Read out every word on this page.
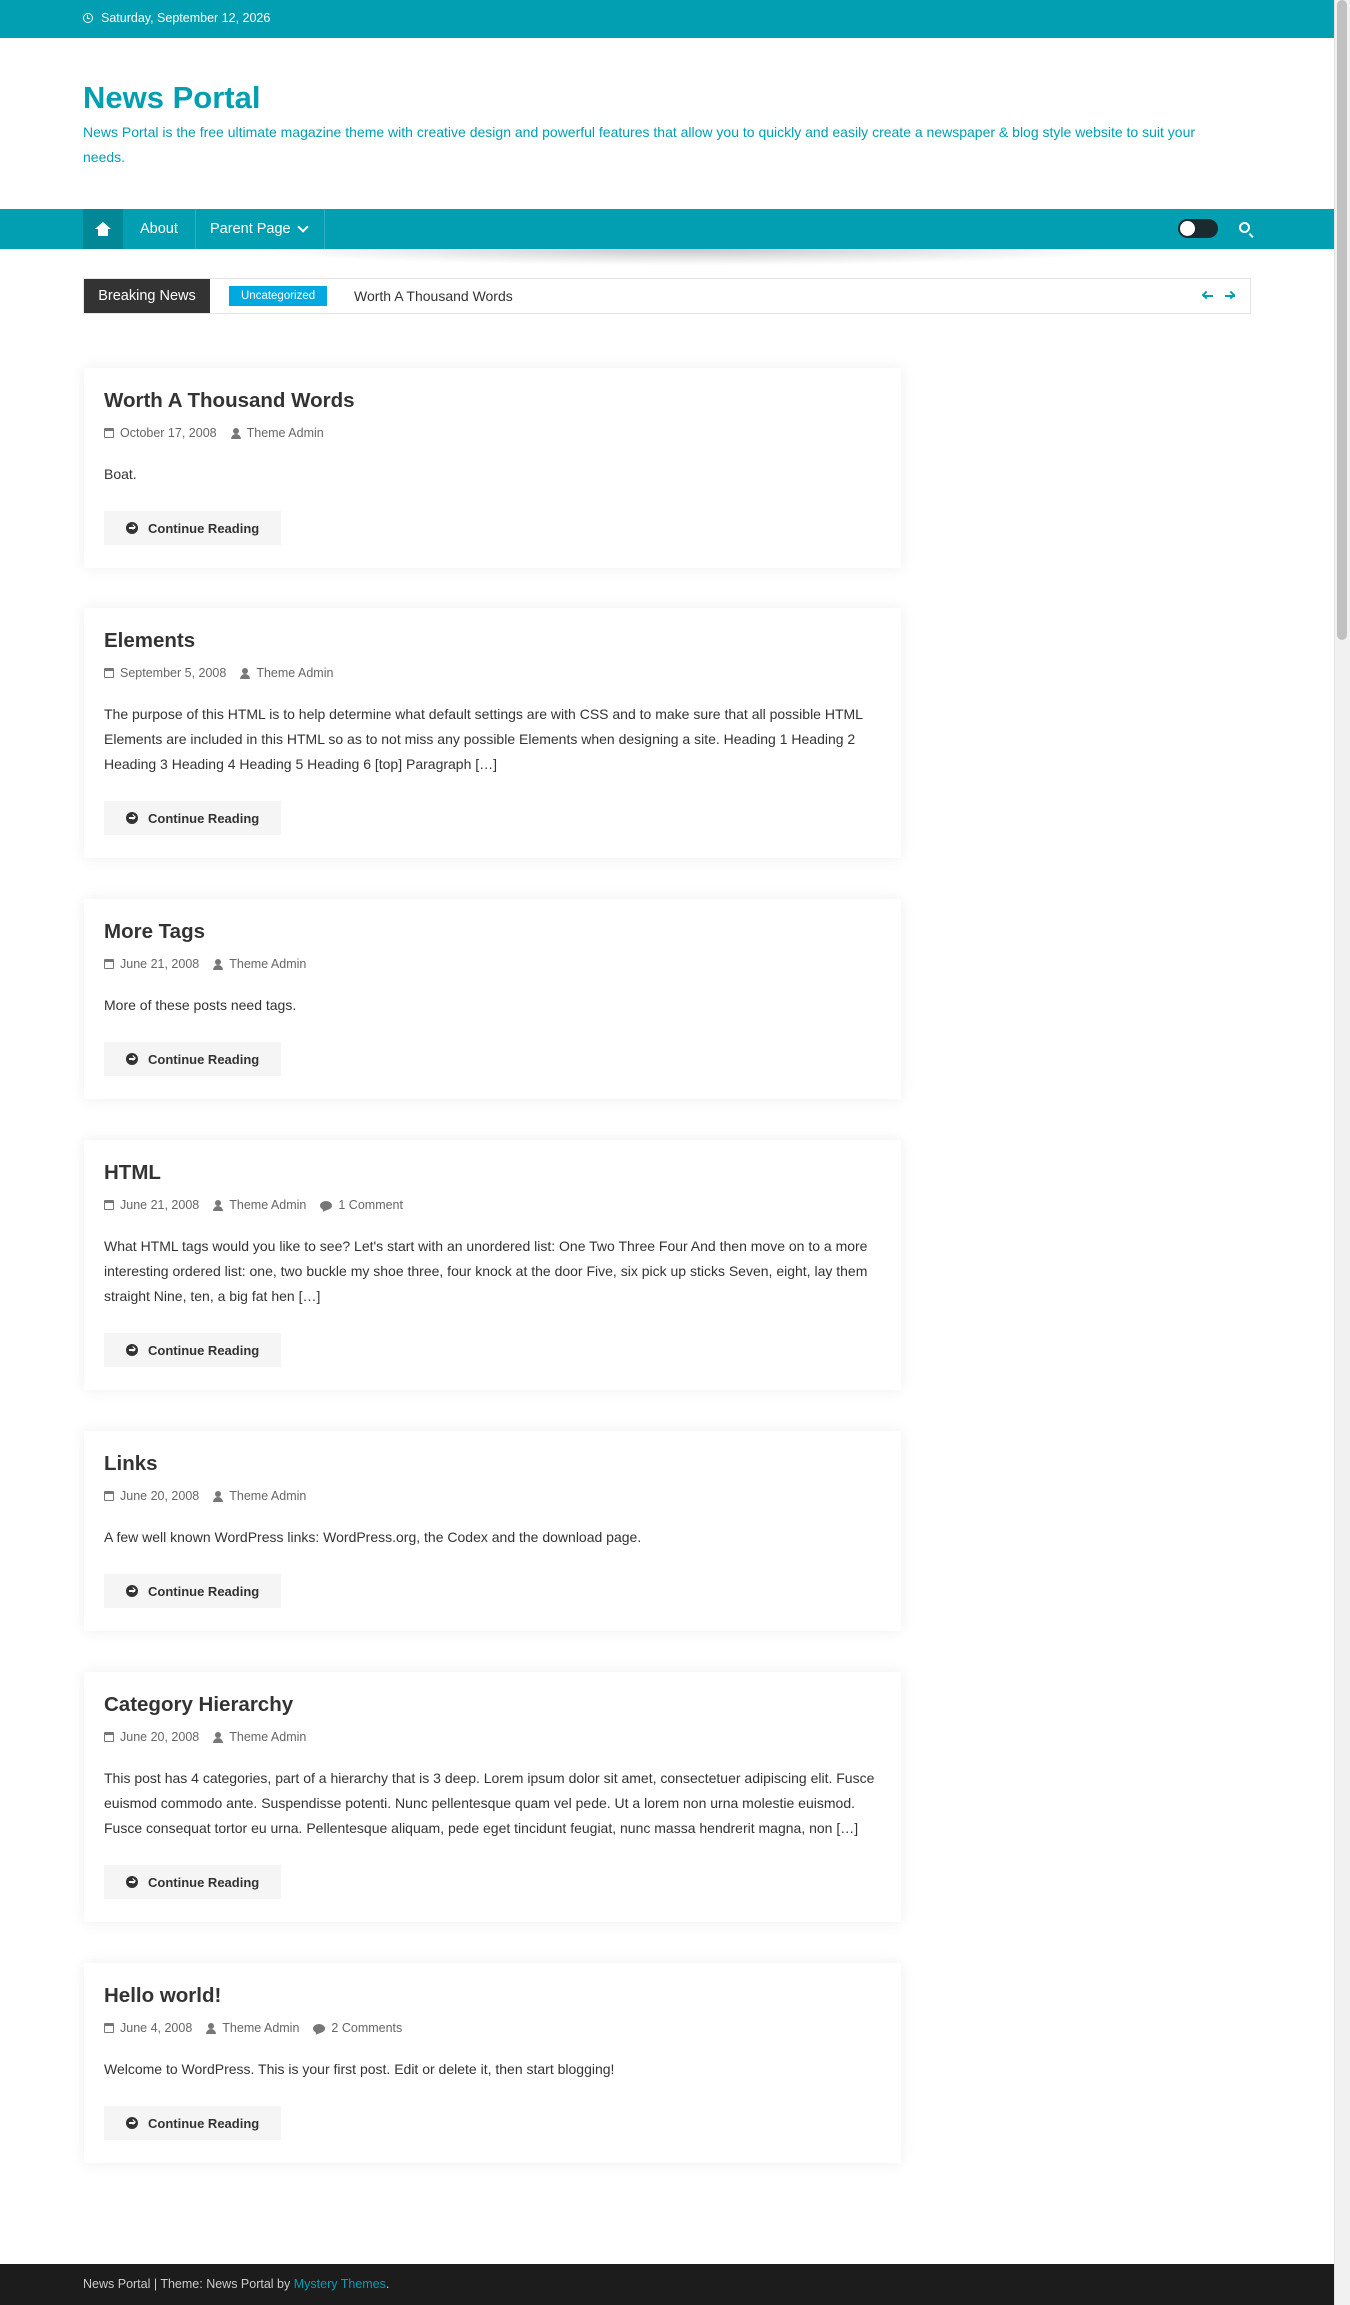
Saturday, September 12, 2026
News Portal
News Portal is the free ultimate magazine theme with creative design and powerful features that allow you to quickly and easily create a newspaper & blog style website to suit your needs.
About	Parent Page
Breaking News	Uncategorized	Worth A Thousand Words
Worth A Thousand Words
October 17, 2008 Theme Admin
Boat.
Continue Reading
Elements
September 5, 2008 Theme Admin
The purpose of this HTML is to help determine what default settings are with CSS and to make sure that all possible HTML Elements are included in this HTML so as to not miss any possible Elements when designing a site. Heading 1 Heading 2 Heading 3 Heading 4 Heading 5 Heading 6 [top] Paragraph […]
Continue Reading
More Tags
June 21, 2008 Theme Admin
More of these posts need tags.
Continue Reading
HTML
June 21, 2008 Theme Admin	1 Comment
What HTML tags would you like to see? Let's start with an unordered list: One Two Three Four And then move on to a more interesting ordered list: one, two buckle my shoe three, four knock at the door Five, six pick up sticks Seven, eight, lay them straight Nine, ten, a big fat hen […]
Continue Reading
Links
June 20, 2008 Theme Admin
A few well known WordPress links: WordPress.org, the Codex and the download page.
Continue Reading
Category Hierarchy
June 20, 2008 Theme Admin
This post has 4 categories, part of a hierarchy that is 3 deep. Lorem ipsum dolor sit amet, consectetuer adipiscing elit. Fusce euismod commodo ante. Suspendisse potenti. Nunc pellentesque quam vel pede. Ut a lorem non urna molestie euismod. Fusce consequat tortor eu urna. Pellentesque aliquam, pede eget tincidunt feugiat, nunc massa hendrerit magna, non […]
Continue Reading
Hello world!
June 4, 2008 Theme Admin	2 Comments
Welcome to WordPress. This is your first post. Edit or delete it, then start blogging!
Continue Reading
News Portal | Theme: News Portal by Mystery Themes.
